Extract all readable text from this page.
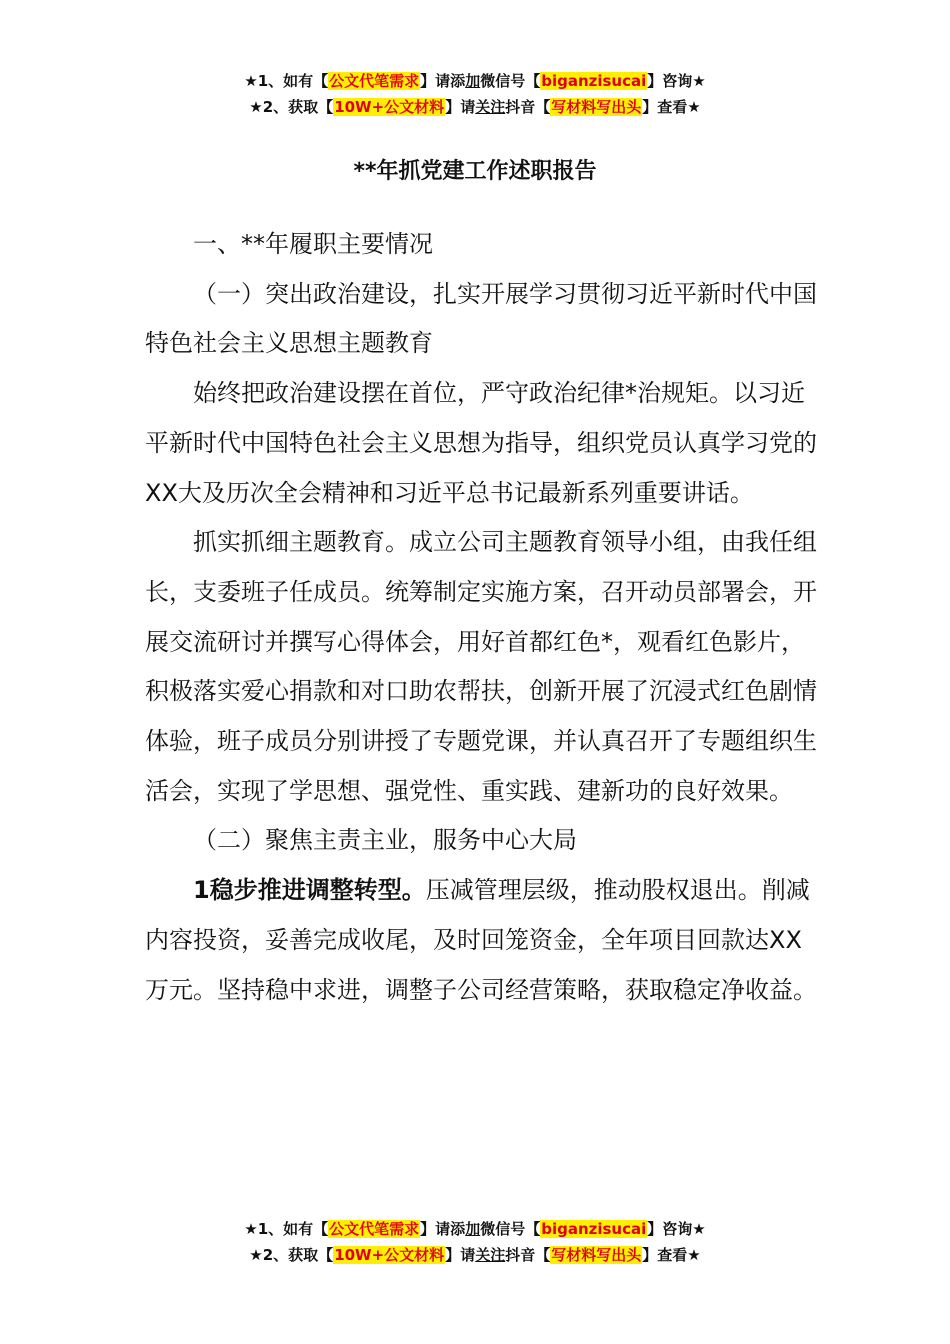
★1、如有【公文代笔需求】请添加微信号【biganzisucai】咨询★
★2、获取【10W+公文材料】请关注抖音【写材料写出头】查看★
**年抓党建工作述职报告

一、**年履职主要情况

（一）突出政治建设，扎实开展学习贯彻习近平新时代中国特色社会主义思想主题教育

始终把政治建设摆在首位，严守政治纪律*治规矩。以习近平新时代中国特色社会主义思想为指导，组织党员认真学习党的XX大及历次全会精神和习近平总书记最新系列重要讲话。

抓实抓细主题教育。成立公司主题教育领导小组，由我任组长，支委班子任成员。统筹制定实施方案，召开动员部署会，开展交流研讨并撰写心得体会，用好首都红色*，观看红色影片，积极落实爱心捐款和对口助农帮扶，创新开展了沉浸式红色剧情体验，班子成员分别讲授了专题党课，并认真召开了专题组织生活会，实现了学思想、强党性、重实践、建新功的良好效果。

（二）聚焦主责主业，服务中心大局

1稳步推进调整转型。压减管理层级，推动股权退出。削减内容投资，妥善完成收尾，及时回笼资金，全年项目回款达XX万元。坚持稳中求进，调整子公司经营策略，获取稳定净收益。

★1、如有【公文代笔需求】请添加微信号【biganzisucai】咨询★
★2、获取【10W+公文材料】请关注抖音【写材料写出头】查看★
